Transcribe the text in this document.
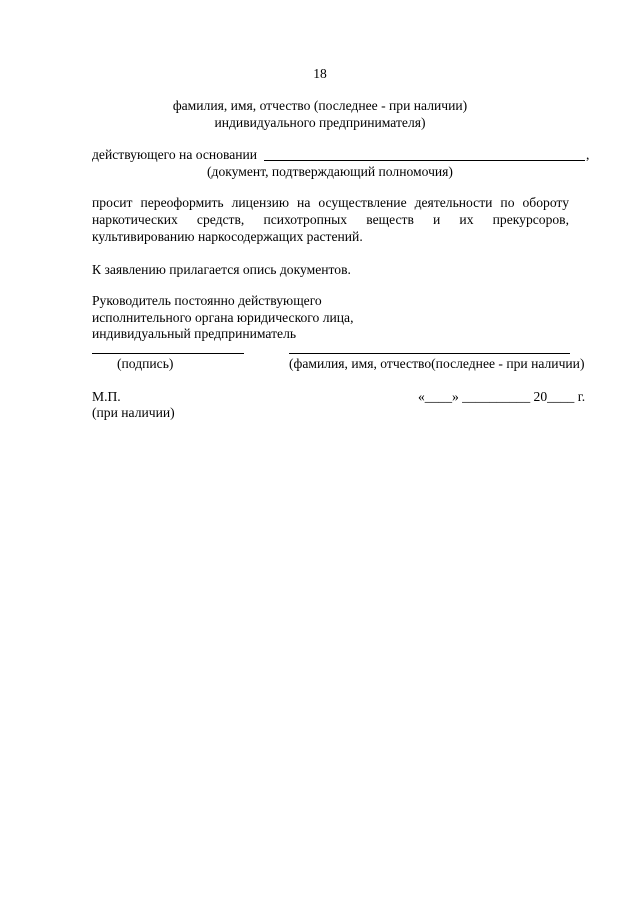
18
фамилия, имя, отчество (последнее - при наличии)
индивидуального предпринимателя)
действующего на основании	,
(документ, подтверждающий полномочия)
просит переоформить лицензию на осуществление деятельности по обороту
наркотических средств, психотропных веществ и их прекурсоров,
культивированию наркосодержащих растений.
К заявлению прилагается опись документов.
Руководитель постоянно действующего
исполнительного органа юридического лица,
индивидуальный предприниматель
(подпись)	(фамилия, имя, отчество(последнее - при наличии)
М.П.
(при наличии)
«____» __________ 20____ г.
